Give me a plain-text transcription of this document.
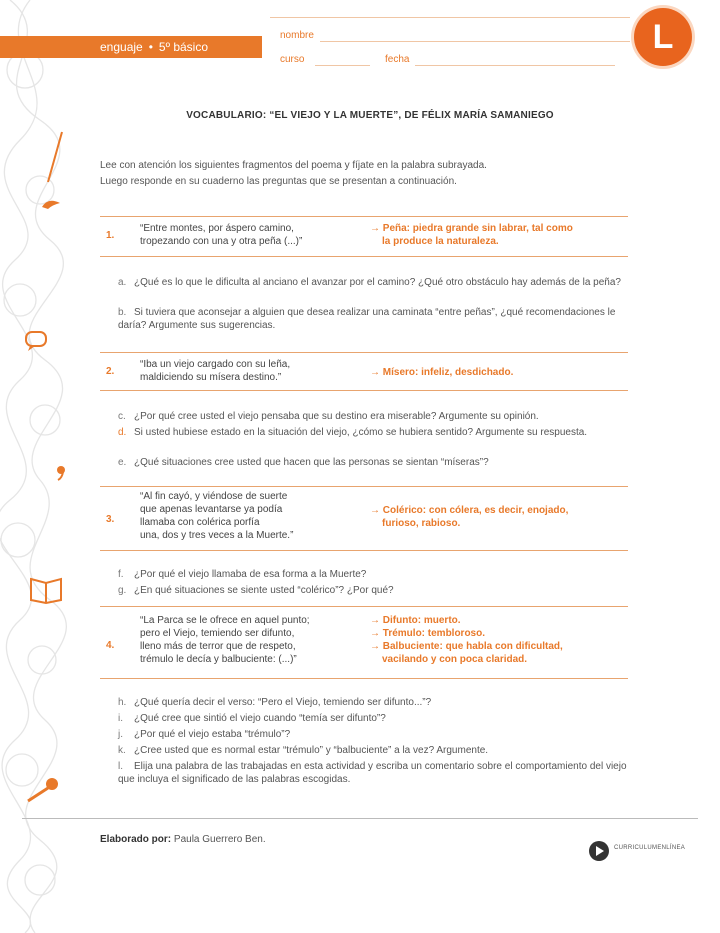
enguaje • 5º básico
nombre
curso	fecha
L
VOCABULARIO: “EL VIEJO Y LA MUERTE”, DE FÉLIX MARÍA SAMANIEGO
Lee con atención los siguientes fragmentos del poema y fíjate en la palabra subrayada.
Luego responde en su cuaderno las preguntas que se presentan a continuación.
1.
“Entre montes, por áspero camino,
tropezando con una y otra peña (...)”
→ Peña: piedra grande sin labrar, tal como
la produce la naturaleza.
a. ¿Qué es lo que le dificulta al anciano el avanzar por el camino? ¿Qué otro obstáculo hay además de la peña?
b. Si tuviera que aconsejar a alguien que desea realizar una caminata “entre peñas”, ¿qué recomendaciones le daría? Argumente sus sugerencias.
2.
“Iba un viejo cargado con su leña,
maldiciendo su mísera destino.”	→ Mísero: infeliz, desdichado.
c. ¿Por qué cree usted el viejo pensaba que su destino era miserable? Argumente su opinión.
d. Si usted hubiese estado en la situación del viejo, ¿cómo se hubiera sentido? Argumente su respuesta.
e. ¿Qué situaciones cree usted que hacen que las personas se sientan “míseras”?
3.
“Al fin cayó, y viéndose de suerte
que apenas levantarse ya podía
llamaba con colérica porfía
una, dos y tres veces a la Muerte.”
→ Colérico: con cólera, es decir, enojado,
furioso, rabioso.
f. ¿Por qué el viejo llamaba de esa forma a la Muerte?
g. ¿En qué situaciones se siente usted “colérico”? ¿Por qué?
4.
“La Parca se le ofrece en aquel punto;
pero el Viejo, temiendo ser difunto,
lleno más de terror que de respeto,
trémulo le decía y balbuciente: (...)”
→ Difunto: muerto.
→ Trémulo: tembloroso.
→ Balbuciente: que habla con dificultad,
vacilando y con poca claridad.
h. ¿Qué quería decir el verso: “Pero el Viejo, temiendo ser difunto...”?
i. ¿Qué cree que sintió el viejo cuando “temía ser difunto”?
j. ¿Por qué el viejo estaba “trémulo”?
k. ¿Cree usted que es normal estar “trémulo” y “balbuciente” a la vez? Argumente.
l. Elija una palabra de las trabajadas en esta actividad y escriba un comentario sobre el comportamiento del viejo que incluya el significado de las palabras escogidas.
Elaborado por: Paula Guerrero Ben.
CURRICULUMENLÍNEA
